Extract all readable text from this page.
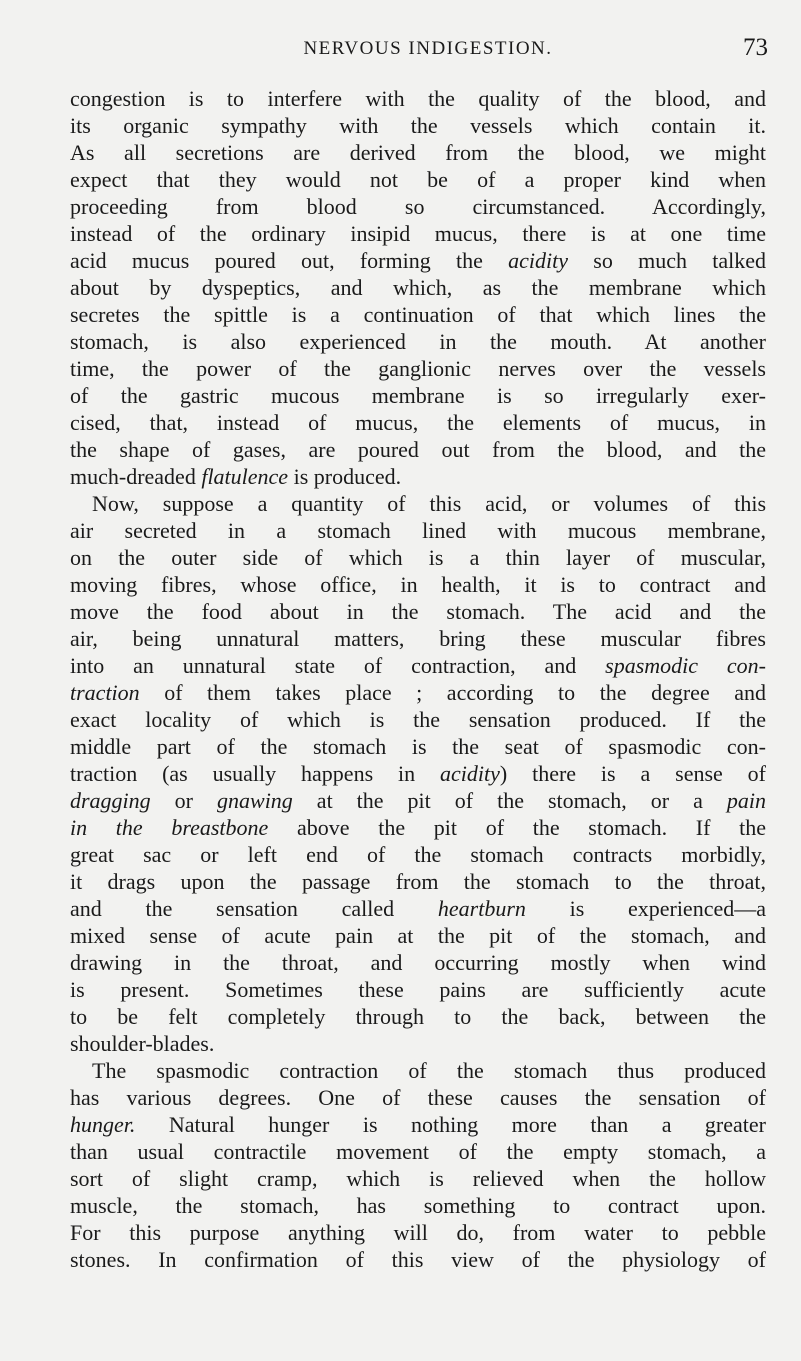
NERVOUS INDIGESTION.	73
congestion is to interfere with the quality of the blood, and
its organic sympathy with the vessels which contain it.
As all secretions are derived from the blood, we might
expect that they would not be of a proper kind when
proceeding from blood so circumstanced. Accordingly,
instead of the ordinary insipid mucus, there is at one time
acid mucus poured out, forming the acidity so much talked
about by dyspeptics, and which, as the membrane which
secretes the spittle is a continuation of that which lines the
stomach, is also experienced in the mouth. At another
time, the power of the ganglionic nerves over the vessels
of the gastric mucous membrane is so irregularly exer-
cised, that, instead of mucus, the elements of mucus, in
the shape of gases, are poured out from the blood, and the
much-dreaded flatulence is produced.
Now, suppose a quantity of this acid, or volumes of this
air secreted in a stomach lined with mucous membrane,
on the outer side of which is a thin layer of muscular,
moving fibres, whose office, in health, it is to contract and
move the food about in the stomach. The acid and the
air, being unnatural matters, bring these muscular fibres
into an unnatural state of contraction, and spasmodic con-
traction of them takes place ; according to the degree and
exact locality of which is the sensation produced. If the
middle part of the stomach is the seat of spasmodic con-
traction (as usually happens in acidity) there is a sense of
dragging or gnawing at the pit of the stomach, or a pain
in the breastbone above the pit of the stomach. If the
great sac or left end of the stomach contracts morbidly,
it drags upon the passage from the stomach to the throat,
and the sensation called heartburn is experienced—a
mixed sense of acute pain at the pit of the stomach, and
drawing in the throat, and occurring mostly when wind
is present. Sometimes these pains are sufficiently acute
to be felt completely through to the back, between the
shoulder-blades.
The spasmodic contraction of the stomach thus produced
has various degrees. One of these causes the sensation of
hunger. Natural hunger is nothing more than a greater
than usual contractile movement of the empty stomach, a
sort of slight cramp, which is relieved when the hollow
muscle, the stomach, has something to contract upon.
For this purpose anything will do, from water to pebble
stones. In confirmation of this view of the physiology of
